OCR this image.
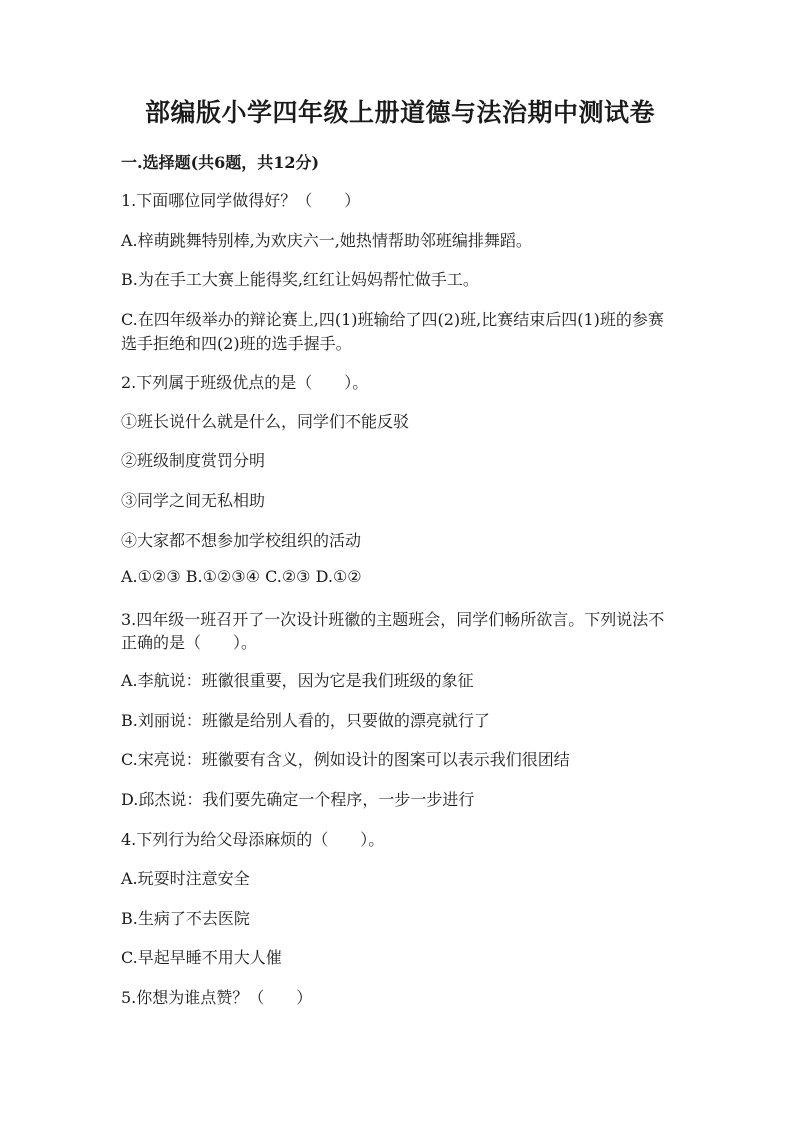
部编版小学四年级上册道德与法治期中测试卷
一.选择题(共6题，共12分)
1.下面哪位同学做得好？（　　）
A.梓萌跳舞特别棒,为欢庆六一,她热情帮助邻班编排舞蹈。
B.为在手工大赛上能得奖,红红让妈妈帮忙做手工。
C.在四年级举办的辩论赛上,四(1)班输给了四(2)班,比赛结束后四(1)班的参赛
选手拒绝和四(2)班的选手握手。
2.下列属于班级优点的是（　　）。
①班长说什么就是什么，同学们不能反驳
②班级制度赏罚分明
③同学之间无私相助
④大家都不想参加学校组织的活动
A.①②③ B.①②③④ C.②③ D.①②
3.四年级一班召开了一次设计班徽的主题班会，同学们畅所欲言。下列说法不
正确的是（　　）。
A.李航说：班徽很重要，因为它是我们班级的象征
B.刘丽说：班徽是给别人看的，只要做的漂亮就行了
C.宋亮说：班徽要有含义，例如设计的图案可以表示我们很团结
D.邱杰说：我们要先确定一个程序，一步一步进行
4.下列行为给父母添麻烦的（　　）。
A.玩耍时注意安全
B.生病了不去医院
C.早起早睡不用大人催
5.你想为谁点赞？（　　）
